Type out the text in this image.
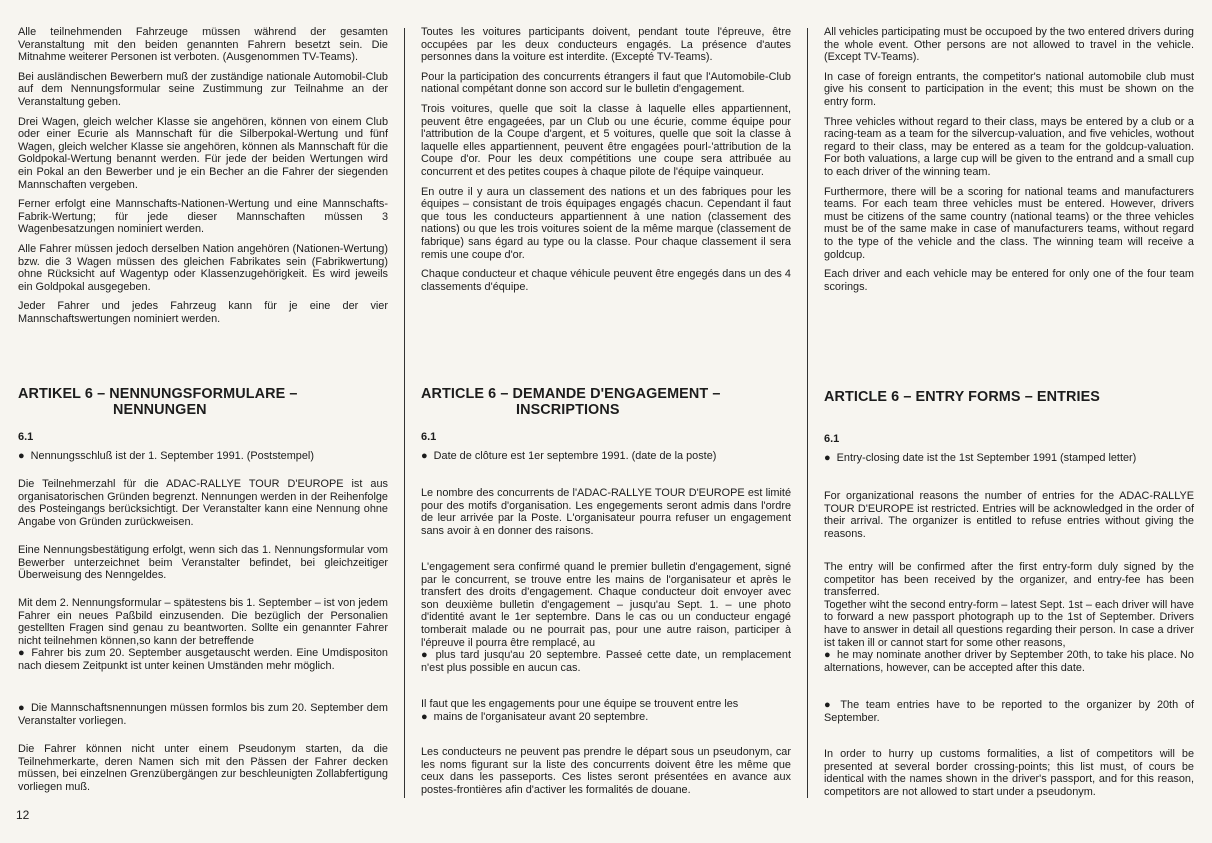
Alle teilnehmenden Fahrzeuge müssen während der gesamten Veranstaltung mit den beiden genannten Fahrern besetzt sein. Die Mitnahme weiterer Personen ist verboten. (Ausgenommen TV-Teams).

Bei ausländischen Bewerbern muß der zuständige nationale Automobil-Club auf dem Nennungsformular seine Zustimmung zur Teilnahme an der Veranstaltung geben.

Drei Wagen, gleich welcher Klasse sie angehören, können von einem Club oder einer Ecurie als Mannschaft für die Silberpokal-Wertung und fünf Wagen, gleich welcher Klasse sie angehören, können als Mannschaft für die Goldpokal-Wertung benannt werden. Für jede der beiden Wertungen wird ein Pokal an den Bewerber und je ein Becher an die Fahrer der siegenden Mannschaften vergeben.

Ferner erfolgt eine Mannschafts-Nationen-Wertung und eine Mannschafts-Fabrik-Wertung; für jede dieser Mannschaften müssen 3 Wagenbesatzungen nominiert werden.

Alle Fahrer müssen jedoch derselben Nation angehören (Nationen-Wertung) bzw. die 3 Wagen müssen des gleichen Fabrikates sein (Fabrikwertung) ohne Rücksicht auf Wagentyp oder Klassenzugehörigkeit. Es wird jeweils ein Goldpokal ausgegeben.

Jeder Fahrer und jedes Fahrzeug kann für je eine der vier Mannschaftswertungen nominiert werden.

ARTIKEL 6 – NENNUNGSFORMULARE –
NENNUNGEN

6.1

● Nennungsschluß ist der 1. September 1991. (Poststempel)

Die Teilnehmerzahl für die ADAC-RALLYE TOUR D'EUROPE ist aus organisatorischen Gründen begrenzt. Nennungen werden in der Reihenfolge des Posteingangs berücksichtigt. Der Veranstalter kann eine Nennung ohne Angabe von Gründen zurückweisen.

Eine Nennungsbestätigung erfolgt, wenn sich das 1. Nennungsformular vom Bewerber unterzeichnet beim Veranstalter befindet, bei gleichzeitiger Überweisung des Nenngeldes.

Mit dem 2. Nennungsformular – spätestens bis 1. September – ist von jedem Fahrer ein neues Paßbild einzusenden. Die bezüglich der Personalien gestellten Fragen sind genau zu beantworten. Sollte ein genannter Fahrer nicht teilnehmen können,so kann der betreffende

● Fahrer bis zum 20. September ausgetauscht werden. Eine Umdispositon nach diesem Zeitpunkt ist unter keinen Umständen mehr möglich.

● Die Mannschaftsnennungen müssen formlos bis zum 20. September dem Veranstalter vorliegen.

Die Fahrer können nicht unter einem Pseudonym starten, da die Teilnehmerkarte, deren Namen sich mit den Pässen der Fahrer decken müssen, bei einzelnen Grenzübergängen zur beschleunigten Zollabfertigung vorliegen muß.

Toutes les voitures participants doivent, pendant toute l'épreuve, être occupées par les deux conducteurs engagés. La présence d'autes personnes dans la voiture est interdite. (Excepté TV-Teams).

Pour la participation des concurrents étrangers il faut que l'Automobile-Club national compétant donne son accord sur le bulletin d'engagement.

Trois voitures, quelle que soit la classe à laquelle elles appartiennent, peuvent être engageées, par un Club ou une écurie, comme équipe pour l'attribution de la Coupe d'argent, et 5 voitures, quelle que soit la classe à laquelle elles appartiennent, peuvent être engagées pourl-'attribution de la Coupe d'or. Pour les deux compétitions une coupe sera attribuée au concurrent et des petites coupes à chaque pilote de l'équipe vainqueur.

En outre il y aura un classement des nations et un des fabriques pour les équipes – consistant de trois équipages engagés chacun. Cependant il faut que tous les conducteurs appartiennent à une nation (classement des nations) ou que les trois voitures soient de la même marque (classement de fabrique) sans égard au type ou la classe. Pour chaque classement il sera remis une coupe d'or.

Chaque conducteur et chaque véhicule peuvent être engegés dans un des 4 classements d'équipe.

ARTICLE 6 – DEMANDE D'ENGAGEMENT –
INSCRIPTIONS

6.1

● Date de clôture est 1er septembre 1991. (date de la poste)

Le nombre des concurrents de l'ADAC-RALLYE TOUR D'EUROPE est limité pour des motifs d'organisation. Les engegements seront admis dans l'ordre de leur arrivée par la Poste. L'organisateur pourra refuser un engagement sans avoir à en donner des raisons.

L'engagement sera confirmé quand le premier bulletin d'engagement, signé par le concurrent, se trouve entre les mains de l'organisateur et après le transfert des droits d'engagement. Chaque conducteur doit envoyer avec son deuxième bulletin d'engagement – jusqu'au Sept. 1. – une photo d'identité avant le 1er septembre. Dans le cas ou un conducteur engagé tomberait malade ou ne pourrait pas, pour une autre raison, participer à l'épreuve il pourra être remplacé, au

● plus tard jusqu'au 20 septembre. Passeé cette date, un remplacement n'est plus possible en aucun cas.

Il faut que les engagements pour une équipe se trouvent entre les

● mains de l'organisateur avant 20 septembre.

Les conducteurs ne peuvent pas prendre le départ sous un pseudonym, car les noms figurant sur la liste des concurrents doivent être les même que ceux dans les passeports. Ces listes seront présentées en avance aux postes-frontières afin d'activer les formalités de douane.

All vehicles participating must be occupoed by the two entered drivers during the whole event. Other persons are not allowed to travel in the vehicle. (Except TV-Teams).

In case of foreign entrants, the competitor's national automobile club must give his consent to participation in the event; this must be shown on the entry form.

Three vehicles without regard to their class, mays be entered by a club or a racing-team as a team for the silvercup-valuation, and five vehicles, wothout regard to their class, may be entered as a team for the goldcup-valuation. For both valuations, a large cup will be given to the entrand and a small cup to each driver of the winning team.

Furthermore, there will be a scoring for national teams and manufacturers teams. For each team three vehicles must be entered. However, drivers must be citizens of the same country (national teams) or the three vehicles must be of the same make in case of manufacturers teams, without regard to the type of the vehicle and the class. The winning team will receive a goldcup.

Each driver and each vehicle may be entered for only one of the four team scorings.

ARTICLE 6 – ENTRY FORMS – ENTRIES

6.1

● Entry-closing date ist the 1st September 1991 (stamped letter)

For organizational reasons the number of entries for the ADAC-RALLYE TOUR D'EUROPE ist restricted. Entries will be acknowledged in the order of their arrival. The organizer is entitled to refuse entries without giving the reasons.

The entry will be confirmed after the first entry-form duly signed by the competitor has been received by the organizer, and entry-fee has been transferred.

Together wiht the second entry-form – latest Sept. 1st – each driver will have to forward a new passport photograph up to the 1st of September. Drivers have to answer in detail all questions regarding their person. In case a driver ist taken ill or cannot start for some other reasons,

● he may nominate another driver by September 20th, to take his place. No alternations, however, can be accepted after this date.

● The team entries have to be reported to the organizer by 20th of September.

In order to hurry up customs formalities, a list of competitors will be presented at several border crossing-points; this list must, of cours be identical with the names shown in the driver's passport, and for this reason, competitors are not allowed to start under a pseudonym.

12
